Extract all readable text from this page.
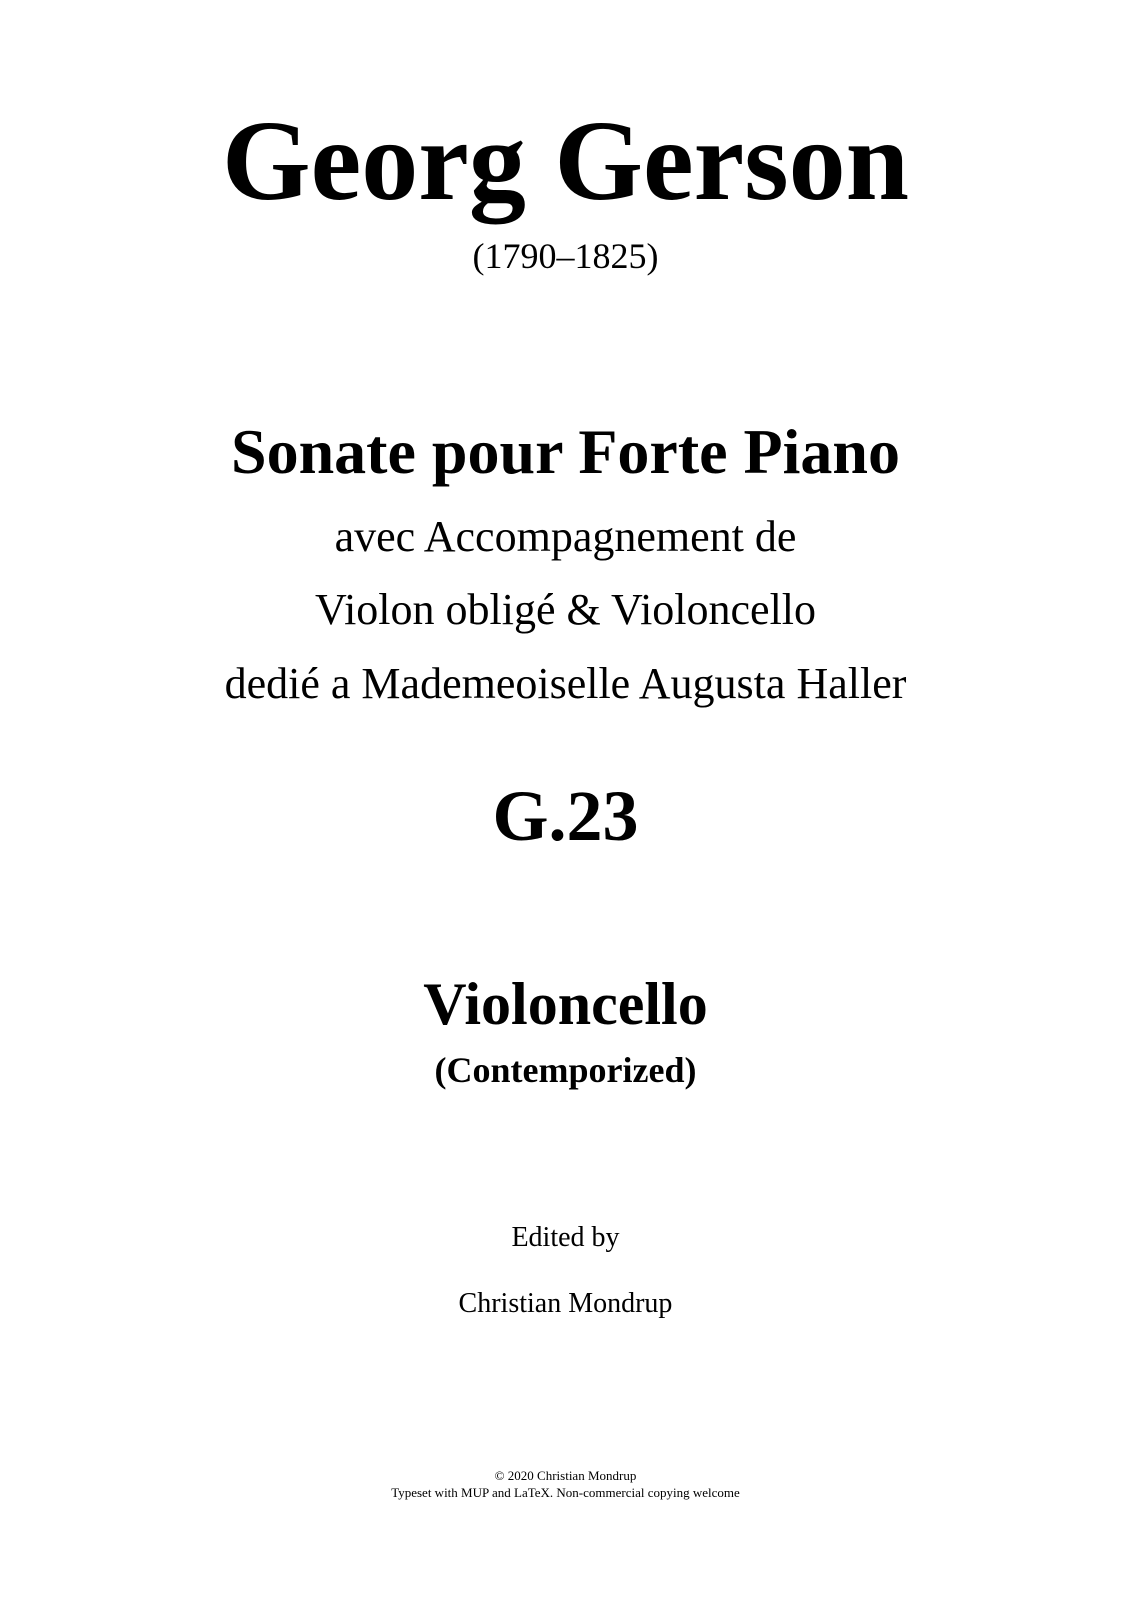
Georg Gerson
(1790–1825)
Sonate pour Forte Piano
avec Accompagnement de
Violon obligé & Violoncello
dedié a Mademeoiselle Augusta Haller
G.23
Violoncello
(Contemporized)
Edited by
Christian Mondrup
© 2020 Christian Mondrup
Typeset with MUP and LaTeX. Non-commercial copying welcome
